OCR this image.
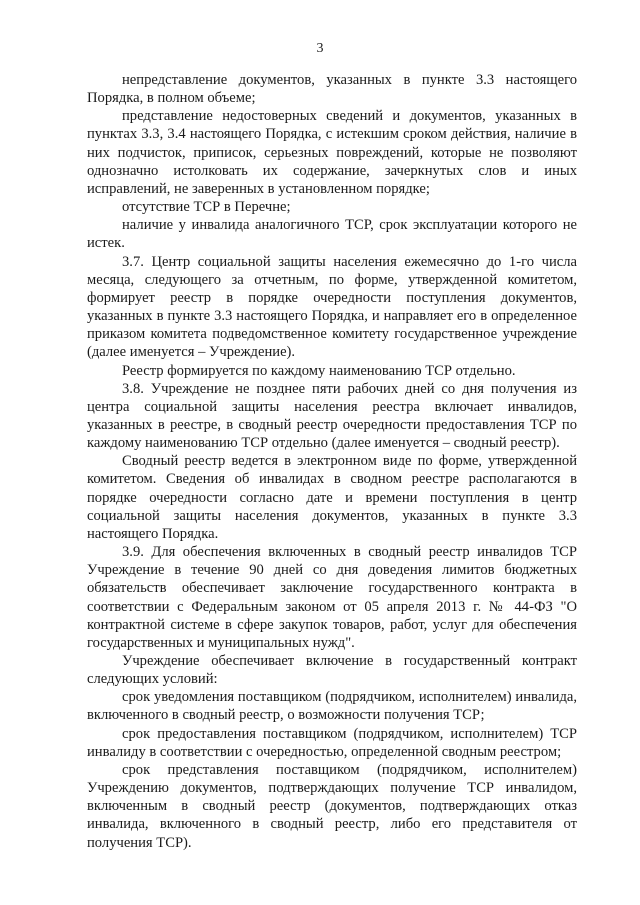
3

непредставление документов, указанных в пункте 3.3 настоящего Порядка, в полном объеме;

представление недостоверных сведений и документов, указанных в пунктах 3.3, 3.4 настоящего Порядка, с истекшим сроком действия, наличие в них подчисток, приписок, серьезных повреждений, которые не позволяют однозначно истолковать их содержание, зачеркнутых слов и иных исправлений, не заверенных в установленном порядке;

отсутствие ТСР в Перечне;

наличие у инвалида аналогичного ТСР, срок эксплуатации которого не истек.

3.7. Центр социальной защиты населения ежемесячно до 1-го числа месяца, следующего за отчетным, по форме, утвержденной комитетом, формирует реестр в порядке очередности поступления документов, указанных в пункте 3.3 настоящего Порядка, и направляет его в определенное приказом комитета подведомственное комитету государственное учреждение (далее именуется – Учреждение).

Реестр формируется по каждому наименованию ТСР отдельно.

3.8. Учреждение не позднее пяти рабочих дней со дня получения из центра социальной защиты населения реестра включает инвалидов, указанных в реестре, в сводный реестр очередности предоставления ТСР по каждому наименованию ТСР отдельно (далее именуется – сводный реестр).

Сводный реестр ведется в электронном виде по форме, утвержденной комитетом. Сведения об инвалидах в сводном реестре располагаются в порядке очередности согласно дате и времени поступления в центр социальной защиты населения документов, указанных в пункте 3.3 настоящего Порядка.

3.9. Для обеспечения включенных в сводный реестр инвалидов ТСР Учреждение в течение 90 дней со дня доведения лимитов бюджетных обязательств обеспечивает заключение государственного контракта в соответствии с Федеральным законом от 05 апреля 2013 г. № 44-ФЗ "О контрактной системе в сфере закупок товаров, работ, услуг для обеспечения государственных и муниципальных нужд".

Учреждение обеспечивает включение в государственный контракт следующих условий:

срок уведомления поставщиком (подрядчиком, исполнителем) инвалида, включенного в сводный реестр, о возможности получения ТСР;

срок предоставления поставщиком (подрядчиком, исполнителем) ТСР инвалиду в соответствии с очередностью, определенной сводным реестром;

срок представления поставщиком (подрядчиком, исполнителем) Учреждению документов, подтверждающих получение ТСР инвалидом, включенным в сводный реестр (документов, подтверждающих отказ инвалида, включенного в сводный реестр, либо его представителя от получения ТСР).
